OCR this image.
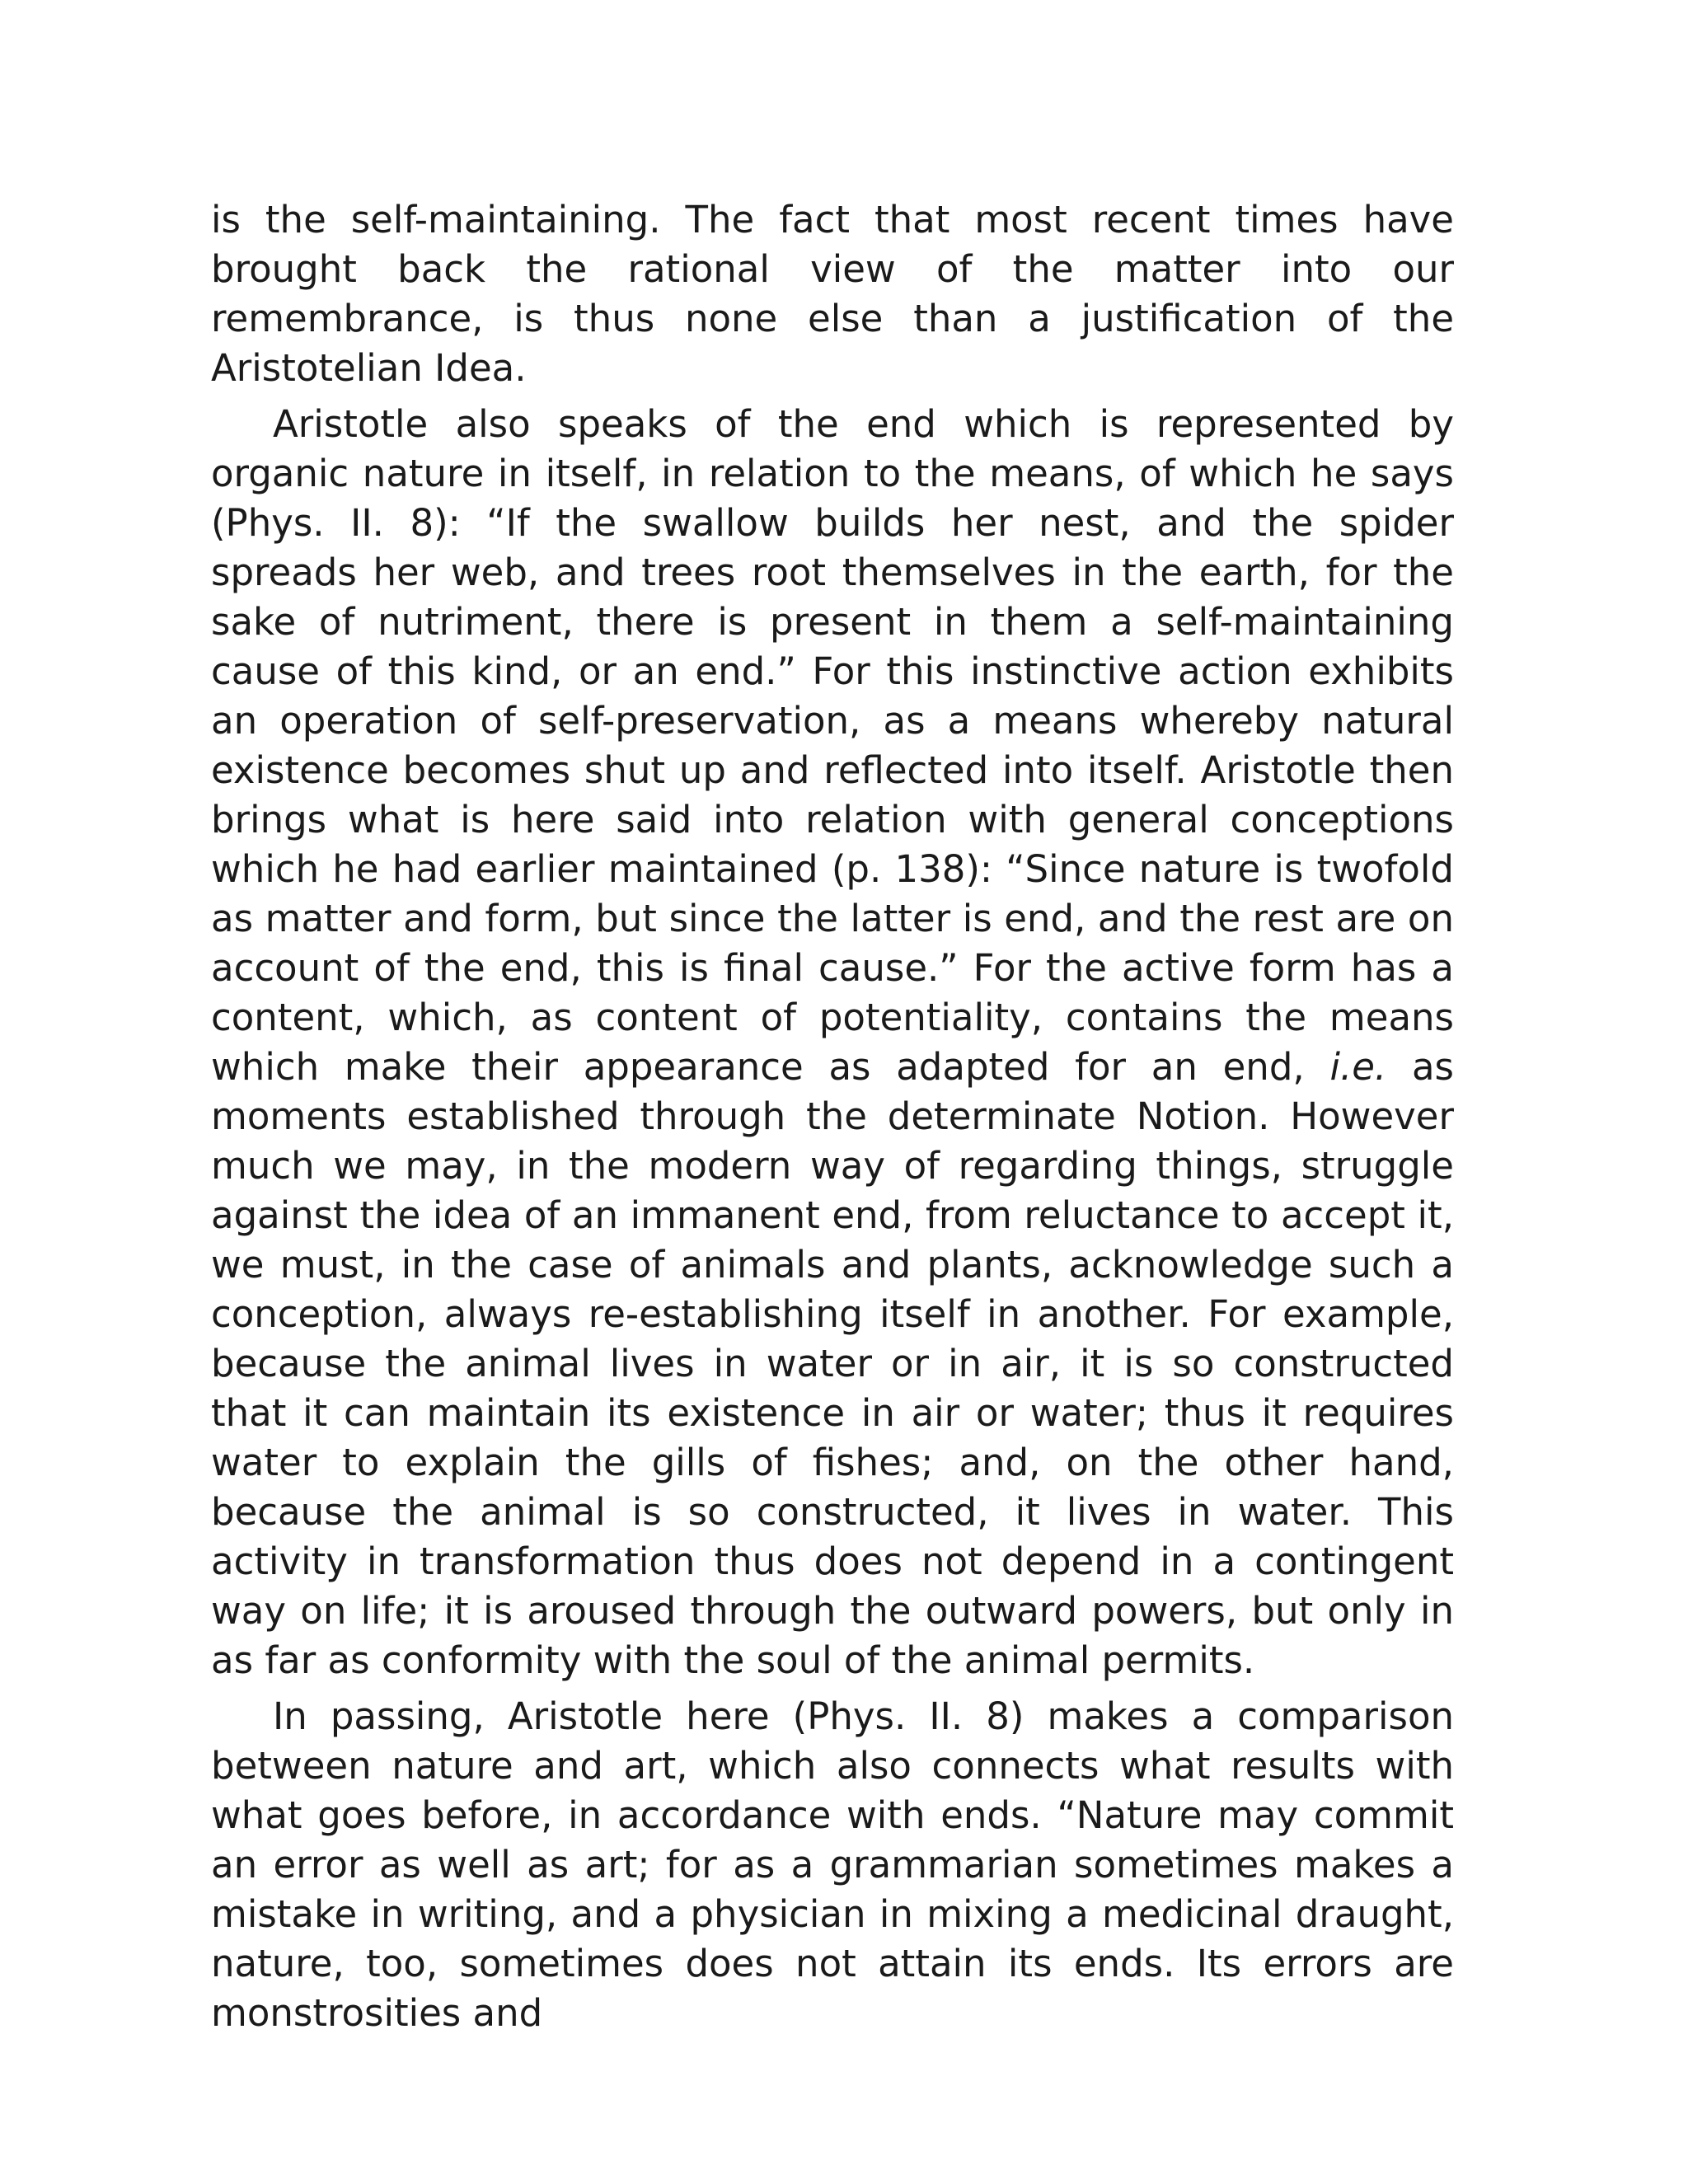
is the self-maintaining. The fact that most recent times have brought back the rational view of the matter into our remembrance, is thus none else than a justification of the Aristotelian Idea.

Aristotle also speaks of the end which is represented by organic nature in itself, in relation to the means, of which he says (Phys. II. 8): “If the swallow builds her nest, and the spider spreads her web, and trees root themselves in the earth, for the sake of nutriment, there is present in them a self-maintaining cause of this kind, or an end.” For this instinctive action exhibits an operation of self-preservation, as a means whereby natural existence becomes shut up and reflected into itself. Aristotle then brings what is here said into relation with general conceptions which he had earlier maintained (p. 138): “Since nature is twofold as matter and form, but since the latter is end, and the rest are on account of the end, this is final cause.” For the active form has a content, which, as content of potentiality, contains the means which make their appearance as adapted for an end, i.e. as moments established through the determinate Notion. However much we may, in the modern way of regarding things, struggle against the idea of an immanent end, from reluctance to accept it, we must, in the case of animals and plants, acknowledge such a conception, always re-establishing itself in another. For example, because the animal lives in water or in air, it is so constructed that it can maintain its existence in air or water; thus it requires water to explain the gills of fishes; and, on the other hand, because the animal is so constructed, it lives in water. This activity in transformation thus does not depend in a contingent way on life; it is aroused through the outward powers, but only in as far as conformity with the soul of the animal permits.

In passing, Aristotle here (Phys. II. 8) makes a comparison between nature and art, which also connects what results with what goes before, in accordance with ends. “Nature may commit an error as well as art; for as a grammarian sometimes makes a mistake in writing, and a physician in mixing a medicinal draught, nature, too, sometimes does not attain its ends. Its errors are monstrosities and
